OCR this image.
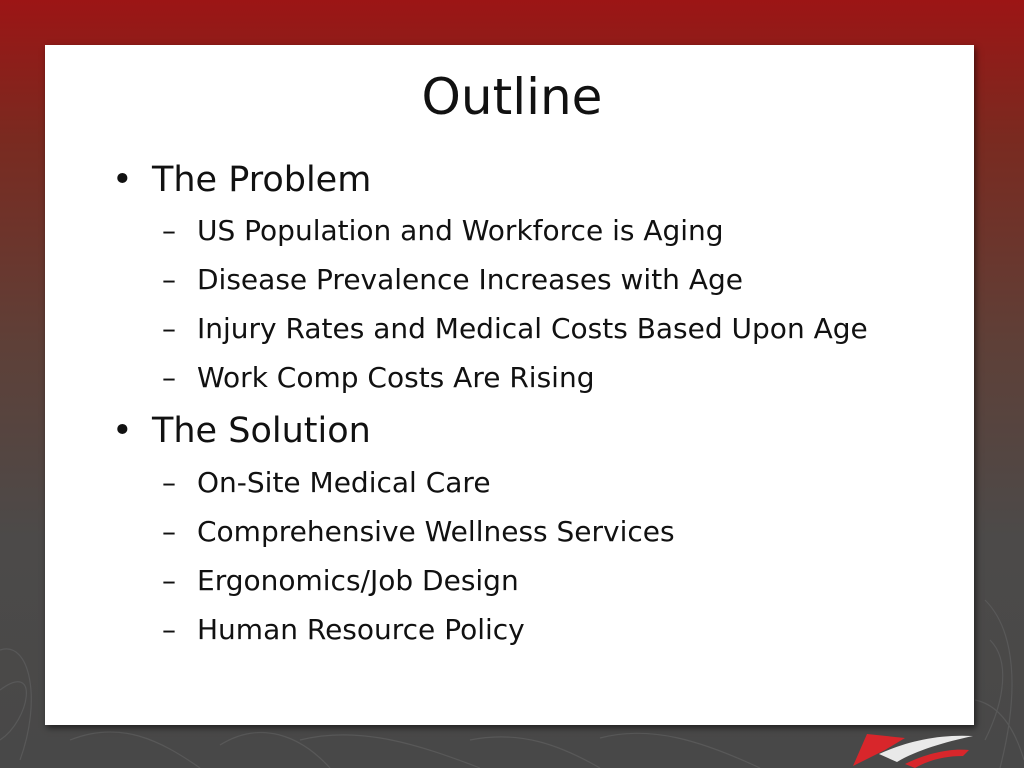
Outline
• The Problem
– US Population and Workforce is Aging
– Disease Prevalence Increases with Age
– Injury Rates and Medical Costs Based Upon Age
– Work Comp Costs Are Rising
• The Solution
– On-Site Medical Care
– Comprehensive Wellness Services
– Ergonomics/Job Design
– Human Resource Policy
